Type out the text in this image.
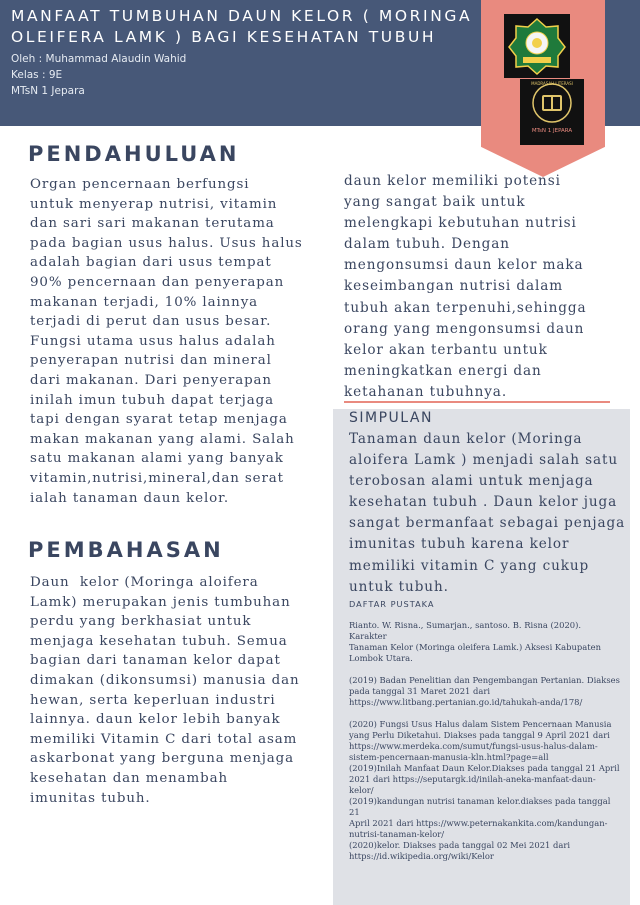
MANFAAT TUMBUHAN DAUN KELOR ( MORINGA OLEIFERA LAMK ) BAGI KESEHATAN TUBUH
Oleh : Muhammad Alaudin Wahid
Kelas : 9E
MTsN 1 Jepara
MADRASAH LITERASI
MTsN 1 JEPARA
PENDAHULUAN
Organ pencernaan berfungsi
untuk menyerap nutrisi, vitamin
dan sari sari makanan terutama
pada bagian usus halus. Usus halus
adalah bagian dari usus tempat
90% pencernaan dan penyerapan
makanan terjadi, 10% lainnya
terjadi di perut dan usus besar.
Fungsi utama usus halus adalah
penyerapan nutrisi dan mineral
dari makanan. Dari penyerapan
inilah imun tubuh dapat terjaga
tapi dengan syarat tetap menjaga
makan makanan yang alami. Salah
satu makanan alami yang banyak
vitamin,nutrisi,mineral,dan serat
ialah tanaman daun kelor.
PEMBAHASAN
Daun  kelor (Moringa aloifera
Lamk) merupakan jenis tumbuhan
perdu yang berkhasiat untuk
menjaga kesehatan tubuh. Semua
bagian dari tanaman kelor dapat
dimakan (dikonsumsi) manusia dan
hewan, serta keperluan industri
lainnya. daun kelor lebih banyak
memiliki Vitamin C dari total asam
askarbonat yang berguna menjaga
kesehatan dan menambah
imunitas tubuh.
daun kelor memiliki potensi
yang sangat baik untuk
melengkapi kebutuhan nutrisi
dalam tubuh. Dengan
mengonsumsi daun kelor maka
keseimbangan nutrisi dalam
tubuh akan terpenuhi,sehingga
orang yang mengonsumsi daun
kelor akan terbantu untuk
meningkatkan energi dan
ketahanan tubuhnya.
SIMPULAN
Tanaman daun kelor (Moringa
aloifera Lamk ) menjadi salah satu
terobosan alami untuk menjaga
kesehatan tubuh . Daun kelor juga
sangat bermanfaat sebagai penjaga
imunitas tubuh karena kelor
memiliki vitamin C yang cukup
untuk tubuh.
DAFTAR PUSTAKA

Rianto. W. Risna., Sumarjan., santoso. B. Risna (2020). Karakter
Tanaman Kelor (Moringa oleifera Lamk.) Aksesi Kabupaten
Lombok Utara.

(2019) Badan Penelitian dan Pengembangan Pertanian. Diakses
pada tanggal 31 Maret 2021 dari
https://www.litbang.pertanian.go.id/tahukah-anda/178/

(2020) Fungsi Usus Halus dalam Sistem Pencernaan Manusia
yang Perlu Diketahui. Diakses pada tanggal 9 April 2021 dari
https://www.merdeka.com/sumut/fungsi-usus-halus-dalam-
sistem-pencernaan-manusia-kln.html?page=all
(2019)Inilah Manfaat Daun Kelor.Diakses pada tanggal 21 April
2021 dari https://seputargk.id/inilah-aneka-manfaat-daun-
kelor/
(2019)kandungan nutrisi tanaman kelor.diakses pada tanggal 21
April 2021 dari https://www.peternakankita.com/kandungan-
nutrisi-tanaman-kelor/
(2020)kelor. Diakses pada tanggal 02 Mei 2021 dari
https://id.wikipedia.org/wiki/Kelor
